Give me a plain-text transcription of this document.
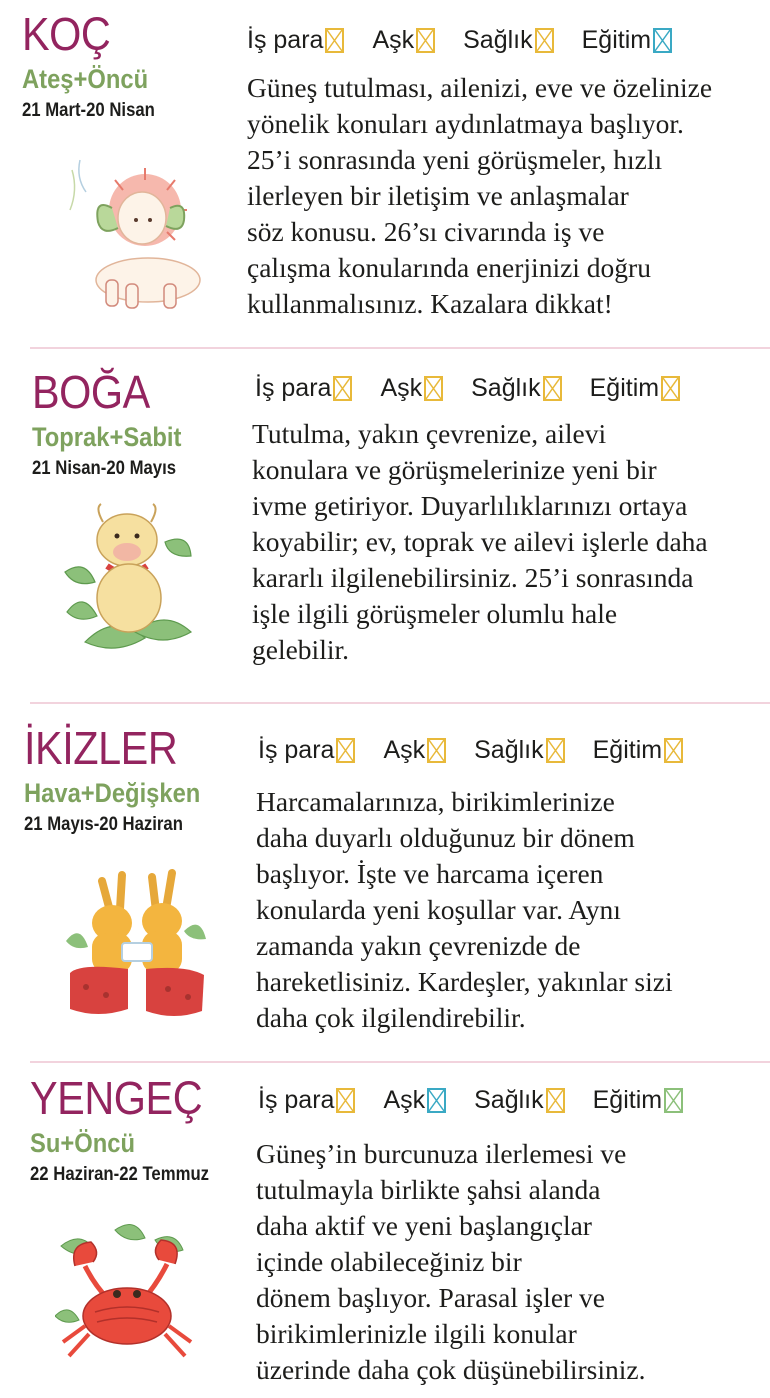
KOÇ
Ateş+Öncü
21 Mart-20 Nisan
İş para Aşk Sağlık Eğitim
Güneş tutulması, ailenizi, eve ve özelinize
yönelik konuları aydınlatmaya başlıyor.
25’i sonrasında yeni görüşmeler, hızlı
ilerleyen bir iletişim ve anlaşmalar
söz konusu. 26’sı civarında iş ve
çalışma konularında enerjinizi doğru
kullanmalısınız. Kazalara dikkat!
BOĞA
Toprak+Sabit
21 Nisan-20 Mayıs
İş para Aşk Sağlık Eğitim
Tutulma, yakın çevrenize, ailevi
konulara ve görüşmelerinize yeni bir
ivme getiriyor. Duyarlılıklarınızı ortaya
koyabilir; ev, toprak ve ailevi işlerle daha
kararlı ilgilenebilirsiniz. 25’i sonrasında
işle ilgili görüşmeler olumlu hale
gelebilir.
İKİZLER
Hava+Değişken
21 Mayıs-20 Haziran
İş para Aşk Sağlık Eğitim
Harcamalarınıza, birikimlerinize
daha duyarlı olduğunuz bir dönem
başlıyor. İşte ve harcama içeren
konularda yeni koşullar var. Aynı
zamanda yakın çevrenizde de
hareketlisiniz. Kardeşler, yakınlar sizi
daha çok ilgilendirebilir.
YENGEÇ
Su+Öncü
22 Haziran-22 Temmuz
İş para Aşk Sağlık Eğitim
Güneş’in burcunuza ilerlemesi ve
tutulmayla birlikte şahsi alanda
daha aktif ve yeni başlangıçlar
içinde olabileceğiniz bir
dönem başlıyor. Parasal işler ve
birikimlerinizle ilgili konular
üzerinde daha çok düşünebilirsiniz.
